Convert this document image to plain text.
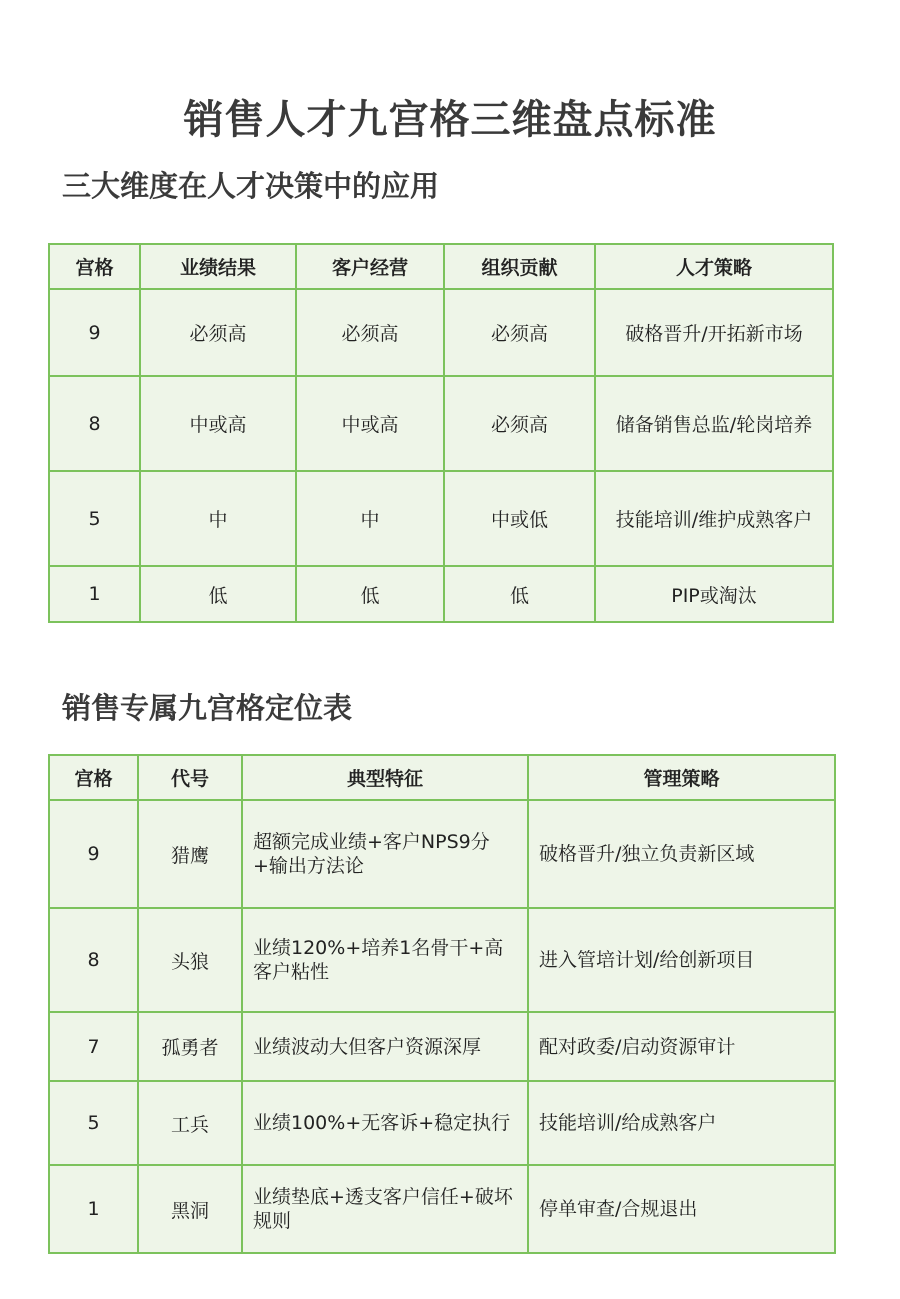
销售人才九宫格三维盘点标准
三大维度在人才决策中的应用
宫格	业绩结果	客户经营	组织贡献	人才策略
9	必须高	必须高	必须高	破格晋升/开拓新市场
8	中或高	中或高	必须高	储备销售总监/轮岗培养
5	中	中	中或低	技能培训/维护成熟客户
1	低	低	低	PIP或淘汰
销售专属九宫格定位表
宫格	代号	典型特征	管理策略
9	猎鹰	超额完成业绩+客户NPS9分+输出方法论	破格晋升/独立负责新区域
8	头狼	业绩120%+培养1名骨干+高客户粘性	进入管培计划/给创新项目
7	孤勇者	业绩波动大但客户资源深厚	配对政委/启动资源审计
5	工兵	业绩100%+无客诉+稳定执行	技能培训/给成熟客户
1	黑洞	业绩垫底+透支客户信任+破坏规则	停单审查/合规退出
